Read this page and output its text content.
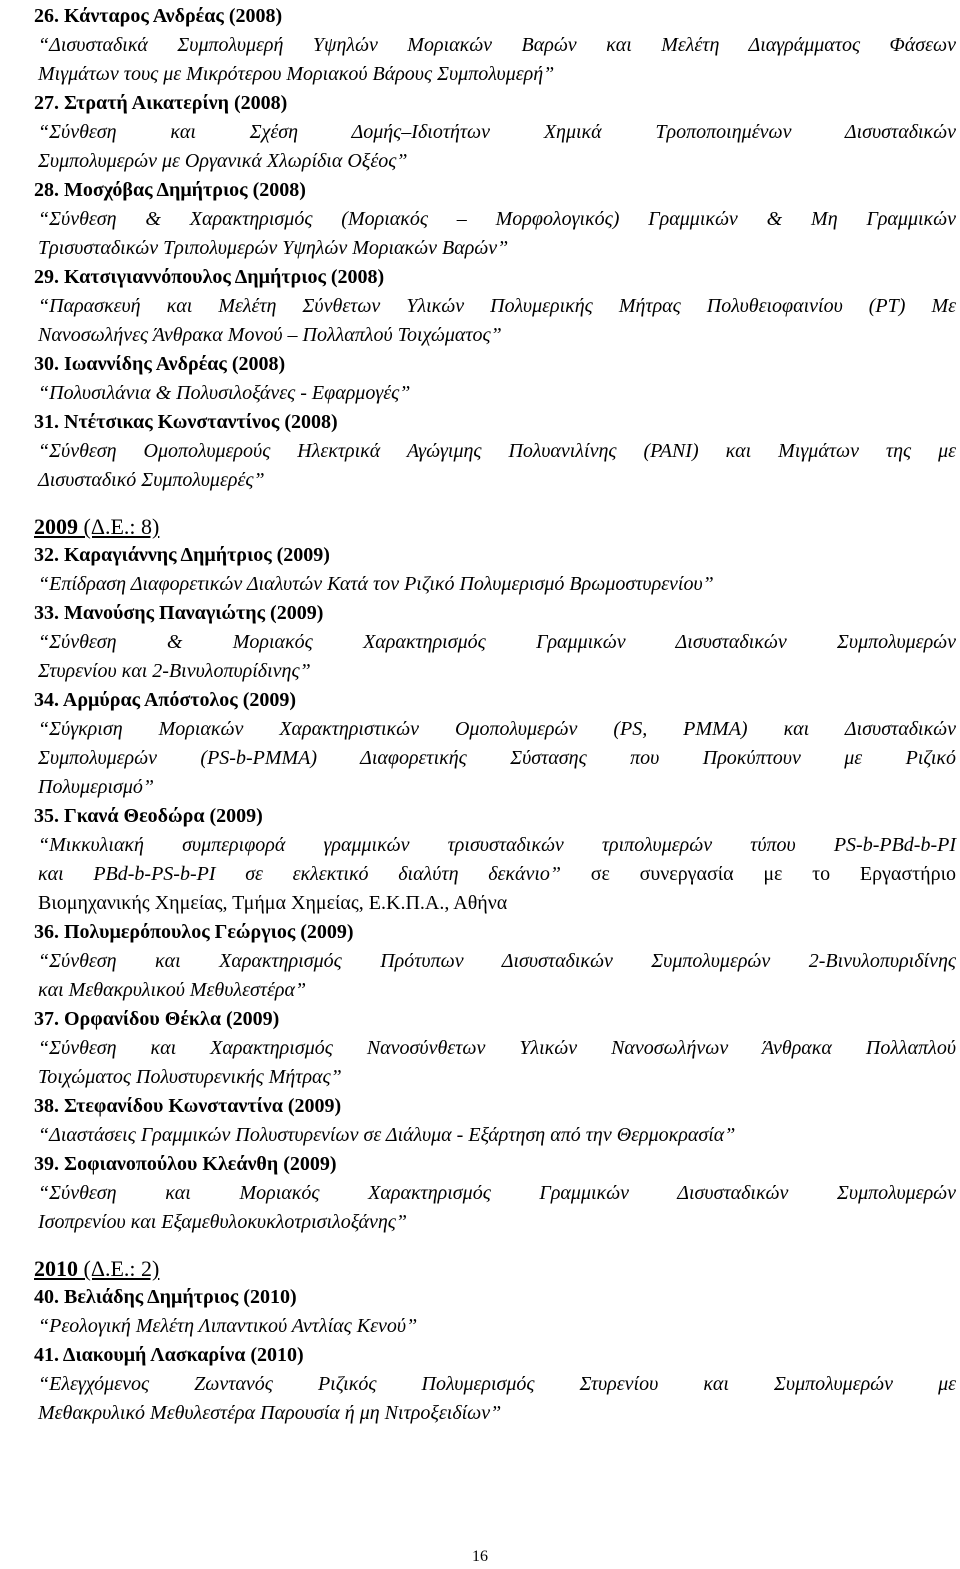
26. Κάνταρος Ανδρέας (2008)
“Δισυσταδικά Συμπολυμερή Υψηλών Μοριακών Βαρών και Μελέτη Διαγράμματος Φάσεων
Μιγμάτων τους με Μικρότερου Μοριακού Βάρους Συμπολυμερή”
27. Στρατή Αικατερίνη (2008)
“Σύνθεση και Σχέση Δομής–Ιδιοτήτων Χημικά Τροποποιημένων Δισυσταδικών
Συμπολυμερών με Οργανικά Χλωρίδια Οξέος”
28. Μοσχόβας Δημήτριος (2008)
“Σύνθεση & Χαρακτηρισμός (Μοριακός – Μορφολογικός) Γραμμικών & Μη Γραμμικών
Τρισυσταδικών Τριπολυμερών Υψηλών Μοριακών Βαρών”
29. Κατσιγιαννόπουλος Δημήτριος (2008)
“Παρασκευή και Μελέτη Σύνθετων Υλικών Πολυμερικής Μήτρας Πολυθειοφαινίου (PT) Με
Νανοσωλήνες Άνθρακα Μονού – Πολλαπλού Τοιχώματος”
30. Ιωαννίδης Ανδρέας (2008)
“Πολυσιλάνια & Πολυσιλοξάνες - Εφαρμογές”
31. Ντέτσικας Κωνσταντίνος (2008)
“Σύνθεση Ομοπολυμερούς Ηλεκτρικά Αγώγιμης Πολυανιλίνης (PANI) και Μιγμάτων της με
Δισυσταδικό Συμπολυμερές”
2009 (Δ.Ε.: 8)
32. Καραγιάννης Δημήτριος (2009)
“Επίδραση Διαφορετικών Διαλυτών Κατά τον Ριζικό Πολυμερισμό Βρωμοστυρενίου”
33. Μανούσης Παναγιώτης (2009)
“Σύνθεση & Μοριακός Χαρακτηρισμός Γραμμικών Δισυσταδικών Συμπολυμερών
Στυρενίου και 2-Βινυλοπυρίδινης”
34. Αρμύρας Απόστολος (2009)
“Σύγκριση Μοριακών Χαρακτηριστικών Ομοπολυμερών (PS, PMMA) και Δισυσταδικών
Συμπολυμερών (PS-b-PMMA) Διαφορετικής Σύστασης που Προκύπτουν με Ριζικό
Πολυμερισμό”
35. Γκανά Θεοδώρα (2009)
“Μικκυλιακή συμπεριφορά γραμμικών τρισυσταδικών τριπολυμερών τύπου PS-b-PBd-b-PI
και PBd-b-PS-b-PI σε εκλεκτικό διαλύτη δεκάνιο” σε συνεργασία με το Εργαστήριο
Βιομηχανικής Χημείας, Τμήμα Χημείας, Ε.Κ.Π.Α., Αθήνα
36. Πολυμερόπουλος Γεώργιος (2009)
“Σύνθεση και Χαρακτηρισμός Πρότυπων Δισυσταδικών Συμπολυμερών 2-Βινυλοπυριδίνης
και Μεθακρυλικού Μεθυλεστέρα”
37. Ορφανίδου Θέκλα (2009)
“Σύνθεση και Χαρακτηρισμός Νανοσύνθετων Υλικών Νανοσωλήνων Άνθρακα Πολλαπλού
Τοιχώματος Πολυστυρενικής Μήτρας”
38. Στεφανίδου Κωνσταντίνα (2009)
“Διαστάσεις Γραμμικών Πολυστυρενίων σε Διάλυμα - Εξάρτηση από την Θερμοκρασία”
39. Σοφιανοπούλου Κλεάνθη (2009)
“Σύνθεση και Μοριακός Χαρακτηρισμός Γραμμικών Δισυσταδικών Συμπολυμερών
Ισοπρενίου και Εξαμεθυλοκυκλοτρισιλοξάνης”
2010 (Δ.Ε.: 2)
40. Βελιάδης Δημήτριος (2010)
“Ρεολογική Μελέτη Λιπαντικού Αντλίας Κενού”
41. Διακουμή Λασκαρίνα (2010)
“Ελεγχόμενος Ζωντανός Ριζικός Πολυμερισμός Στυρενίου και Συμπολυμερών με
Μεθακρυλικό Μεθυλεστέρα Παρουσία ή μη Νιτροξειδίων”
16
